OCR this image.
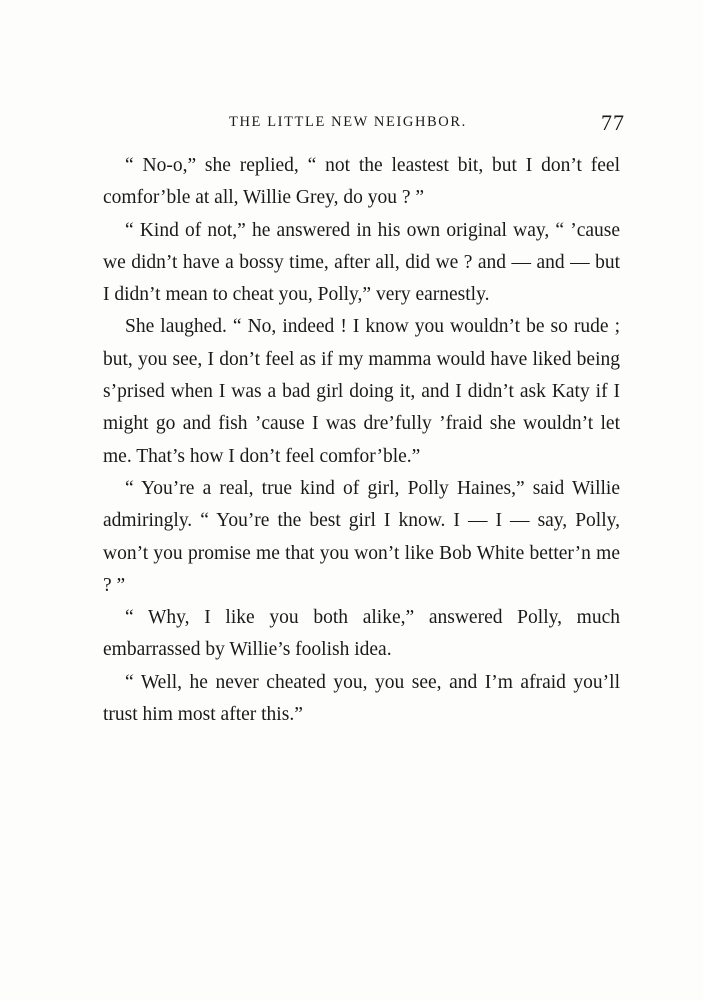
THE LITTLE NEW NEIGHBOR.	77

“ No-o,” she replied, “ not the leastest bit, but I don’t feel comfor’ble at all, Willie Grey, do you ? ”

“ Kind of not,” he answered in his own original way, “ ’cause we didn’t have a bossy time, after all, did we ? and — and — but I didn’t mean to cheat you, Polly,” very earnestly.

She laughed. “ No, indeed ! I know you wouldn’t be so rude ; but, you see, I don’t feel as if my mamma would have liked being s’prised when I was a bad girl doing it, and I didn’t ask Katy if I might go and fish ’cause I was dre’fully ’fraid she wouldn’t let me. That’s how I don’t feel comfor’ble.”

“ You’re a real, true kind of girl, Polly Haines,” said Willie admiringly. “ You’re the best girl I know. I — I — say, Polly, won’t you promise me that you won’t like Bob White better’n me ? ”

“ Why, I like you both alike,” answered Polly, much embarrassed by Willie’s foolish idea.

“ Well, he never cheated you, you see, and I’m afraid you’ll trust him most after this.”
